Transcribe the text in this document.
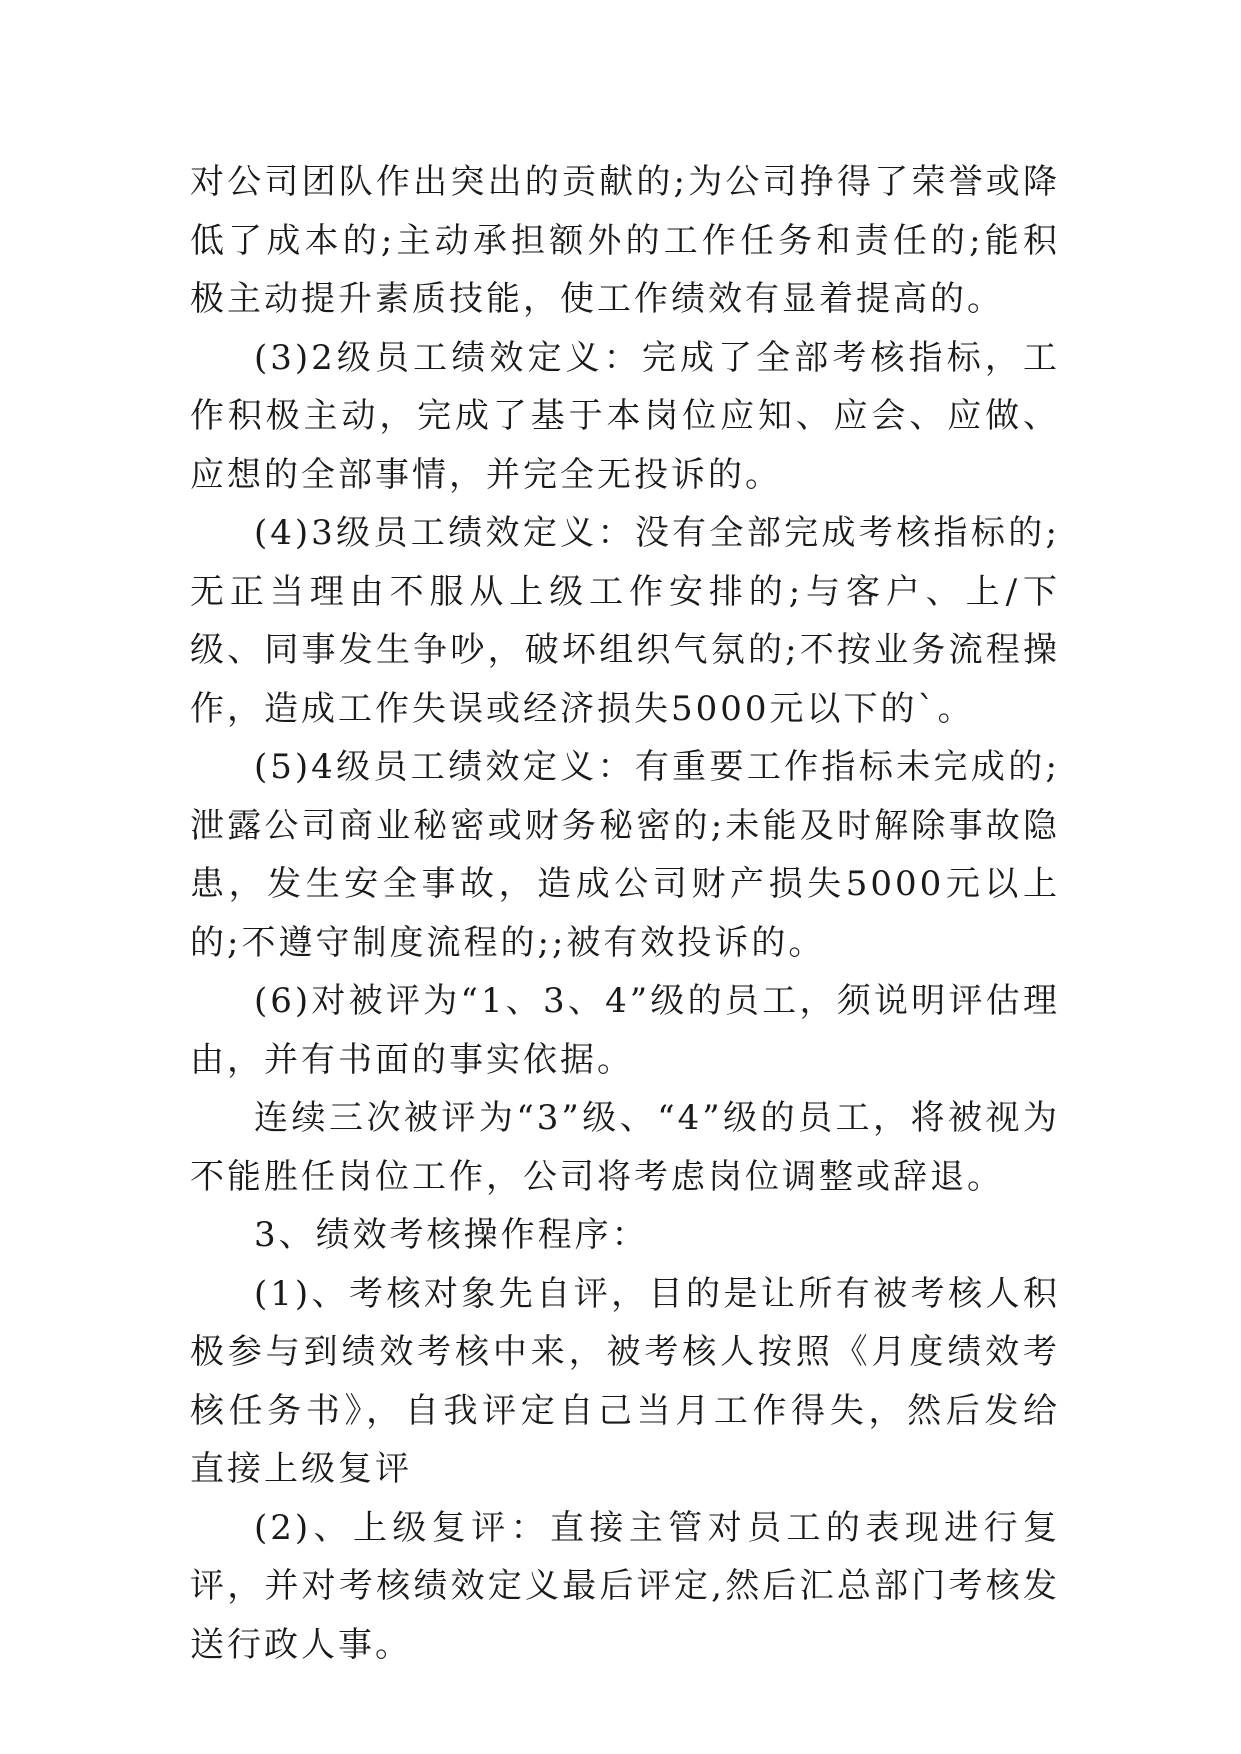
对公司团队作出突出的贡献的;为公司挣得了荣誉或降低了成本的;主动承担额外的工作任务和责任的;能积极主动提升素质技能，使工作绩效有显着提高的。

(3)2级员工绩效定义：完成了全部考核指标，工作积极主动，完成了基于本岗位应知、应会、应做、应想的全部事情，并完全无投诉的。

(4)3级员工绩效定义：没有全部完成考核指标的;无正当理由不服从上级工作安排的;与客户、上/下级、同事发生争吵，破坏组织气氛的;不按业务流程操作，造成工作失误或经济损失5000元以下的`。

(5)4级员工绩效定义：有重要工作指标未完成的;泄露公司商业秘密或财务秘密的;未能及时解除事故隐患，发生安全事故，造成公司财产损失5000元以上的;不遵守制度流程的;;被有效投诉的。

(6)对被评为“1、3、4”级的员工，须说明评估理由，并有书面的事实依据。

连续三次被评为“3”级、“4”级的员工，将被视为不能胜任岗位工作，公司将考虑岗位调整或辞退。

3、绩效考核操作程序：

(1)、考核对象先自评，目的是让所有被考核人积极参与到绩效考核中来，被考核人按照《月度绩效考核任务书》，自我评定自己当月工作得失，然后发给直接上级复评

(2)、上级复评：直接主管对员工的表现进行复评，并对考核绩效定义最后评定,然后汇总部门考核发送行政人事。
